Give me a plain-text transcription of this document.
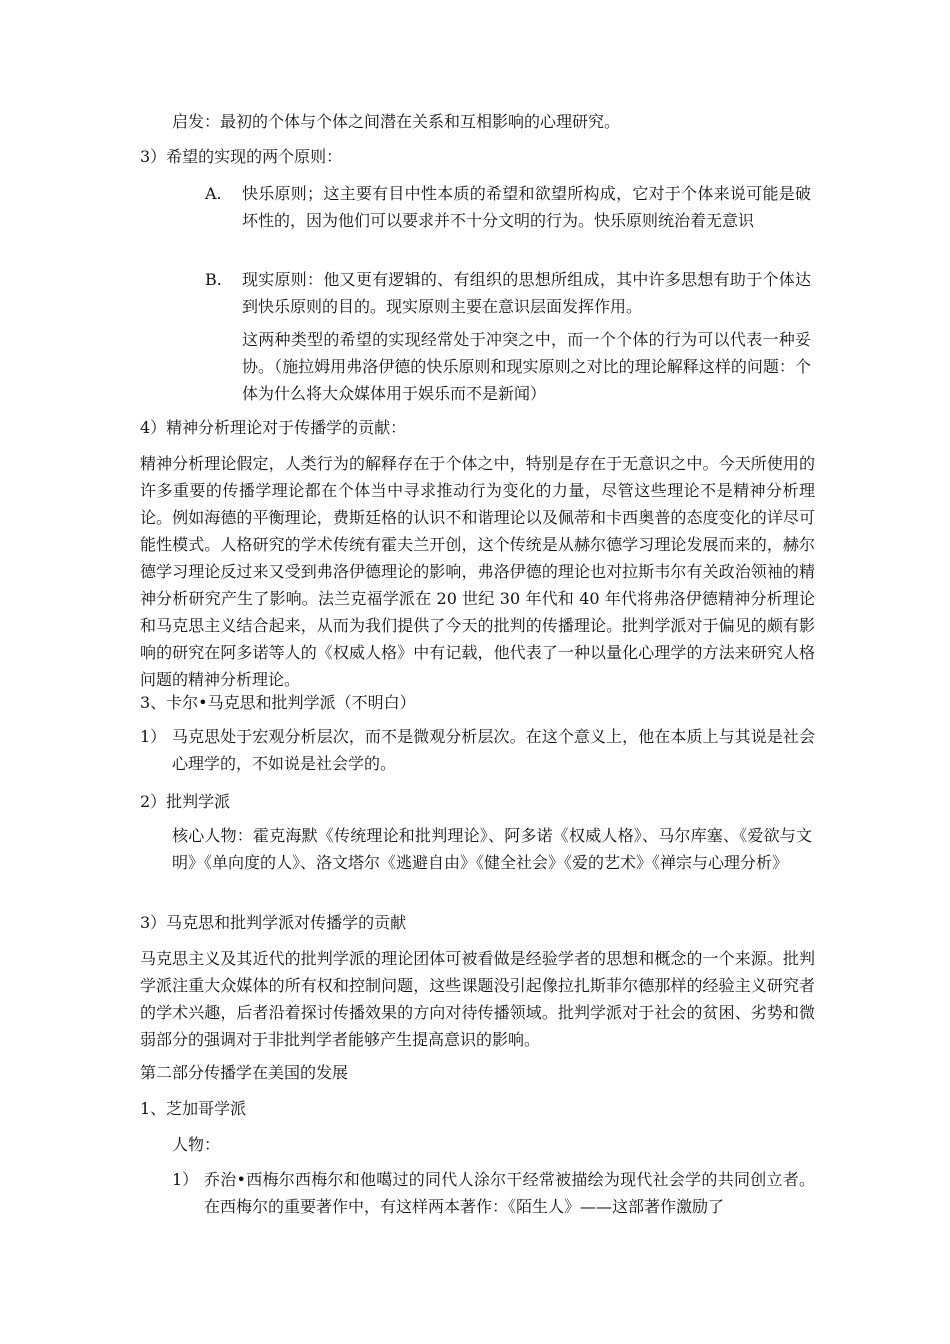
启发：最初的个体与个体之间潜在关系和互相影响的心理研究。

3）希望的实现的两个原则：

A.	快乐原则；这主要有目中性本质的希望和欲望所构成，它对于个体来说可能是破坏性的，因为他们可以要求并不十分文明的行为。快乐原则统治着无意识

B.	现实原则：他又更有逻辑的、有组织的思想所组成，其中许多思想有助于个体达到快乐原则的目的。现实原则主要在意识层面发挥作用。

这两种类型的希望的实现经常处于冲突之中，而一个个体的行为可以代表一种妥协。（施拉姆用弗洛伊德的快乐原则和现实原则之对比的理论解释这样的问题：个体为什么将大众媒体用于娱乐而不是新闻）

4）精神分析理论对于传播学的贡献：

精神分析理论假定，人类行为的解释存在于个体之中，特别是存在于无意识之中。今天所使用的许多重要的传播学理论都在个体当中寻求推动行为变化的力量，尽管这些理论不是精神分析理论。例如海德的平衡理论，费斯廷格的认识不和谐理论以及佩蒂和卡西奥普的态度变化的详尽可能性模式。人格研究的学术传统有霍夫兰开创，这个传统是从赫尔德学习理论发展而来的，赫尔德学习理论反过来又受到弗洛伊德理论的影响，弗洛伊德的理论也对拉斯韦尔有关政治领袖的精神分析研究产生了影响。法兰克福学派在 20 世纪 30 年代和 40 年代将弗洛伊德精神分析理论和马克思主义结合起来，从而为我们提供了今天的批判的传播理论。批判学派对于偏见的颇有影响的研究在阿多诺等人的《权威人格》中有记载，他代表了一种以量化心理学的方法来研究人格问题的精神分析理论。

3、卡尔•马克思和批判学派（不明白）

1） 马克思处于宏观分析层次，而不是微观分析层次。在这个意义上，他在本质上与其说是社会心理学的，不如说是社会学的。

2）批判学派

核心人物：霍克海默《传统理论和批判理论》、阿多诺《权威人格》、马尔库塞、《爱欲与文明》《单向度的人》、洛文塔尔《逃避自由》《健全社会》《爱的艺术》《禅宗与心理分析》

3）马克思和批判学派对传播学的贡献

马克思主义及其近代的批判学派的理论团体可被看做是经验学者的思想和概念的一个来源。批判学派注重大众媒体的所有权和控制问题，这些课题没引起像拉扎斯菲尔德那样的经验主义研究者的学术兴趣，后者沿着探讨传播效果的方向对待传播领域。批判学派对于社会的贫困、劣势和微弱部分的强调对于非批判学者能够产生提高意识的影响。

第二部分传播学在美国的发展

1、芝加哥学派

人物：

1） 乔治•西梅尔西梅尔和他噶过的同代人涂尔干经常被描绘为现代社会学的共同创立者。在西梅尔的重要著作中，有这样两本著作：《陌生人》——这部著作激励了
